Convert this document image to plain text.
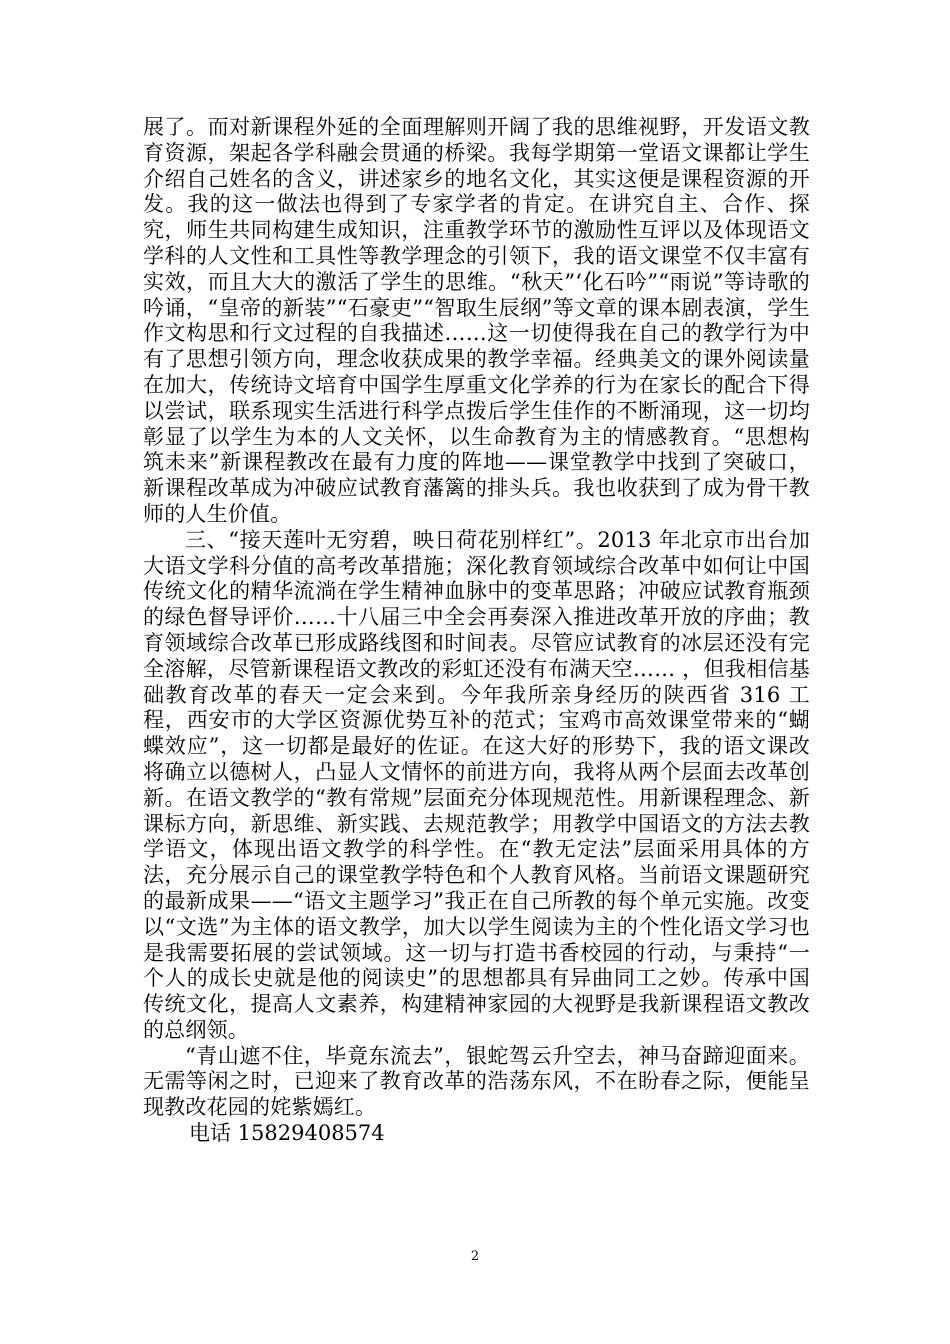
展了。而对新课程外延的全面理解则开阔了我的思维视野，开发语文教育资源，架起各学科融会贯通的桥梁。我每学期第一堂语文课都让学生介绍自己姓名的含义，讲述家乡的地名文化，其实这便是课程资源的开发。我的这一做法也得到了专家学者的肯定。在讲究自主、合作、探究，师生共同构建生成知识，注重教学环节的激励性互评以及体现语文学科的人文性和工具性等教学理念的引领下，我的语文课堂不仅丰富有实效，而且大大的激活了学生的思维。“秋天”‘化石吟”“雨说”等诗歌的吟诵，“皇帝的新装”“石豪吏”“智取生辰纲”等文章的课本剧表演，学生作文构思和行文过程的自我描述……这一切使得我在自己的教学行为中有了思想引领方向，理念收获成果的教学幸福。经典美文的课外阅读量在加大，传统诗文培育中国学生厚重文化学养的行为在家长的配合下得以尝试，联系现实生活进行科学点拨后学生佳作的不断涌现，这一切均彰显了以学生为本的人文关怀，以生命教育为主的情感教育。“思想构筑未来”新课程教改在最有力度的阵地——课堂教学中找到了突破口，新课程改革成为冲破应试教育藩篱的排头兵。我也收获到了成为骨干教师的人生价值。

三、“接天莲叶无穷碧，映日荷花别样红”。2013 年北京市出台加大语文学科分值的高考改革措施；深化教育领域综合改革中如何让中国传统文化的精华流淌在学生精神血脉中的变革思路；冲破应试教育瓶颈的绿色督导评价……十八届三中全会再奏深入推进改革开放的序曲；教育领域综合改革已形成路线图和时间表。尽管应试教育的冰层还没有完全溶解，尽管新课程语文教改的彩虹还没有布满天空…… ，但我相信基础教育改革的春天一定会来到。今年我所亲身经历的陕西省 316 工程，西安市的大学区资源优势互补的范式；宝鸡市高效课堂带来的“蝴蝶效应”，这一切都是最好的佐证。在这大好的形势下，我的语文课改将确立以德树人，凸显人文情怀的前进方向，我将从两个层面去改革创新。在语文教学的“教有常规”层面充分体现规范性。用新课程理念、新课标方向，新思维、新实践、去规范教学；用教学中国语文的方法去教学语文，体现出语文教学的科学性。在“教无定法”层面采用具体的方法，充分展示自己的课堂教学特色和个人教育风格。当前语文课题研究的最新成果——“语文主题学习”我正在自己所教的每个单元实施。改变以“文选”为主体的语文教学，加大以学生阅读为主的个性化语文学习也是我需要拓展的尝试领域。这一切与打造书香校园的行动，与秉持“一个人的成长史就是他的阅读史”的思想都具有异曲同工之妙。传承中国传统文化，提高人文素养，构建精神家园的大视野是我新课程语文教改的总纲领。

“青山遮不住，毕竟东流去”，银蛇驾云升空去，神马奋蹄迎面来。无需等闲之时，已迎来了教育改革的浩荡东风，不在盼春之际，便能呈现教改花园的姹紫嫣红。

电话 15829408574

2
